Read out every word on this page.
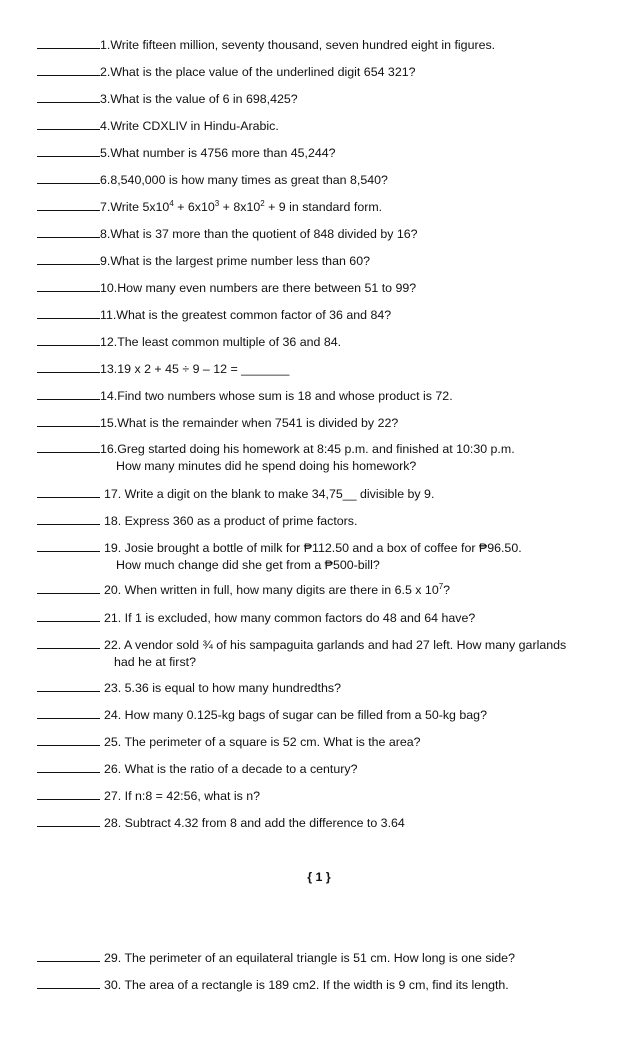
1.Write fifteen million, seventy thousand, seven hundred eight in figures.
2.What is the place value of the underlined digit 654 321?
3.What is the value of 6 in 698,425?
4.Write CDXLIV in Hindu-Arabic.
5.What number is 4756 more than 45,244?
6.8,540,000 is how many times as great than 8,540?
7.Write $5x10^4 + 6x10^3 + 8x10^2 + 9$ in standard form.
8.What is 37 more than the quotient of 848 divided by 16?
9.What is the largest prime number less than 60?
10.How many even numbers are there between 51 to 99?
11.What is the greatest common factor of 36 and 84?
12.The least common multiple of 36 and 84.
13.19 x 2 + 45 ÷ 9 – 12 = _______
14.Find two numbers whose sum is 18 and whose product is 72.
15.What is the remainder when 7541 is divided by 22?
16.Greg started doing his homework at 8:45 p.m. and finished at 10:30 p.m.
How many minutes did he spend doing his homework?
17. Write a digit on the blank to make 34,75__ divisible by 9.
18. Express 360 as a product of prime factors.
19. Josie brought a bottle of milk for ₱112.50 and a box of coffee for ₱96.50.
How much change did she get from a ₱500-bill?
20. When written in full, how many digits are there in 6.5 x $10^7$?
21. If 1 is excluded, how many common factors do 48 and 64 have?
22. A vendor sold ¾ of his sampaguita garlands and had 27 left. How many garlands
had he at first?
23. 5.36 is equal to how many hundredths?
24. How many 0.125-kg bags of sugar can be filled from a 50-kg bag?
25. The perimeter of a square is 52 cm. What is the area?
26. What is the ratio of a decade to a century?
27. If n:8 = 42:56, what is n?
28. Subtract 4.32 from 8 and add the difference to 3.64
29. The perimeter of an equilateral triangle is 51 cm. How long is one side?
30. The area of a rectangle is 189 cm2. If the width is 9 cm, find its length.
{ 1 }
